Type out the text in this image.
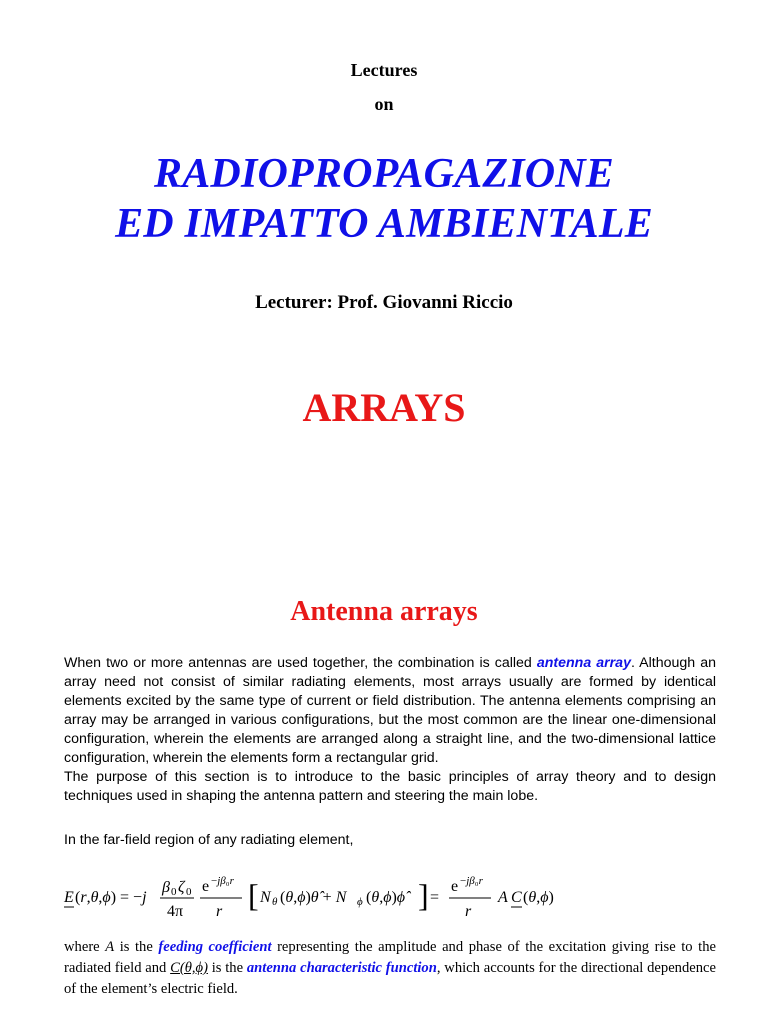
Lectures
on
RADIOPROPAGAZIONE
ED IMPATTO AMBIENTALE
Lecturer: Prof. Giovanni Riccio
ARRAYS
Antenna arrays
When two or more antennas are used together, the combination is called antenna array. Although an array need not consist of similar radiating elements, most arrays usually are formed by identical elements excited by the same type of current or field distribution. The antenna elements comprising an array may be arranged in various configurations, but the most common are the linear one-dimensional configuration, wherein the elements are arranged along a straight line, and the two-dimensional lattice configuration, wherein the elements form a rectangular grid.
The purpose of this section is to introduce to the basic principles of array theory and to design techniques used in shaping the antenna pattern and steering the main lobe.
In the far-field region of any radiating element,
E (r,θ,ϕ) = −j
β 0 ζ 0
4π
e −jβ₀r
r [ N θ (θ,ϕ)θ̂ + N ϕ (θ,ϕ)ϕ̂ ] =
e −jβ₀r
r
A C (θ,ϕ)
where A is the feeding coefficient representing the amplitude and phase of the excitation giving rise to the radiated field and C(θ,ϕ) is the antenna characteristic function, which accounts for the directional dependence of the element’s electric field.
